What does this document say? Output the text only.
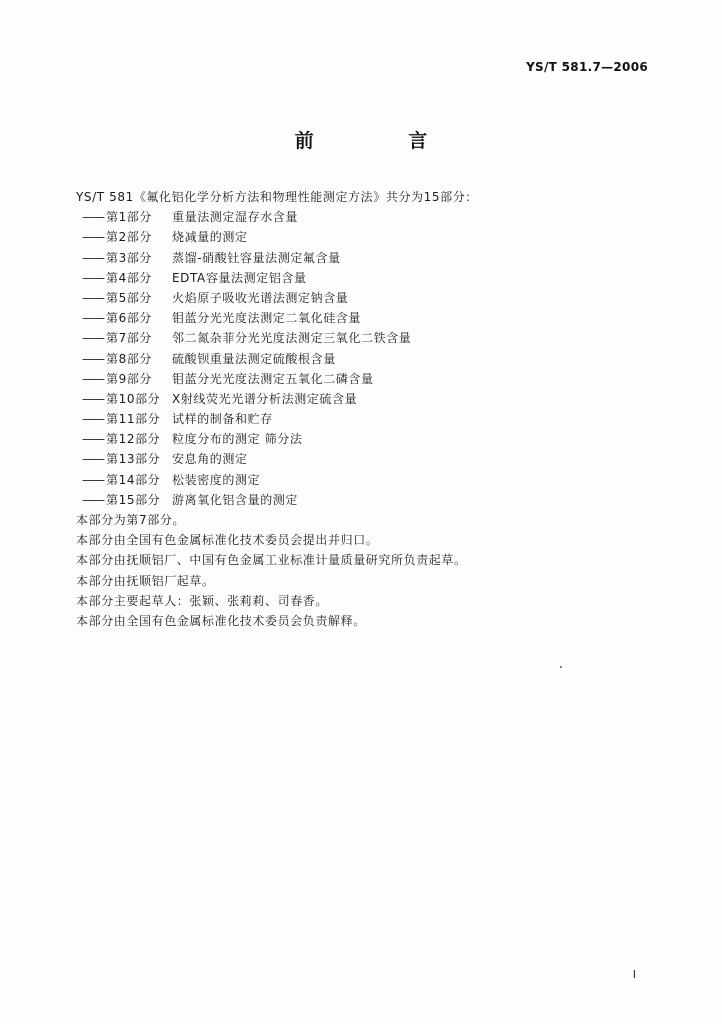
YS/T 581.7—2006
前 言
YS/T 581《氟化铝化学分析方法和物理性能测定方法》共分为15部分：
—— 第1部分	重量法测定湿存水含量
—— 第2部分	烧减量的测定
—— 第3部分	蒸馏-硝酸钍容量法测定氟含量
—— 第4部分	EDTA容量法测定铝含量
—— 第5部分	火焰原子吸收光谱法测定钠含量
—— 第6部分	钼蓝分光光度法测定二氧化硅含量
—— 第7部分	邻二氮杂菲分光光度法测定三氧化二铁含量
—— 第8部分	硫酸钡重量法测定硫酸根含量
—— 第9部分	钼蓝分光光度法测定五氧化二磷含量
—— 第10部分 X射线荧光光谱分析法测定硫含量
—— 第11部分 试样的制备和贮存
—— 第12部分 粒度分布的测定 筛分法
—— 第13部分 安息角的测定
—— 第14部分 松装密度的测定
—— 第15部分 游离氧化铝含量的测定
本部分为第7部分。
本部分由全国有色金属标准化技术委员会提出并归口。
本部分由抚顺铝厂、中国有色金属工业标准计量质量研究所负责起草。
本部分由抚顺铝厂起草。
本部分主要起草人：张颖、张莉莉、司春香。
本部分由全国有色金属标准化技术委员会负责解释。
I
